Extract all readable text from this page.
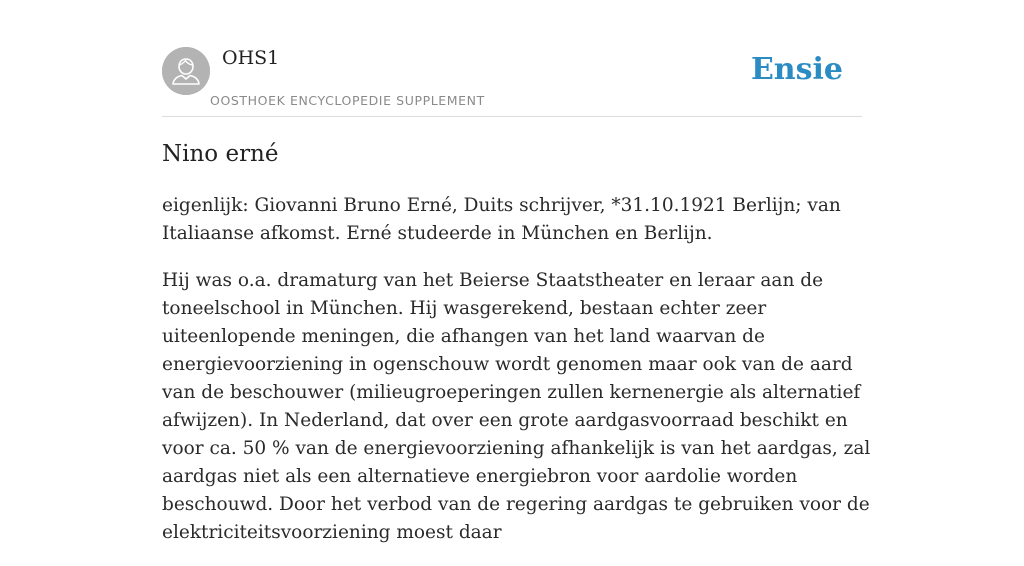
OHS1
OOSTHOEK ENCYCLOPEDIE SUPPLEMENT
Ensie
Nino erné

eigenlijk: Giovanni Bruno Erné, Duits schrijver, *31.10.1921 Berlijn; van Italiaanse afkomst. Erné studeerde in München en Berlijn.

Hij was o.a. dramaturg van het Beierse Staatstheater en leraar aan de toneelschool in München. Hij wasgerekend, bestaan echter zeer uiteenlopende meningen, die afhangen van het land waarvan de energievoorziening in ogenschouw wordt genomen maar ook van de aard van de beschouwer (milieugroeperingen zullen kernenergie als alternatief afwijzen). In Nederland, dat over een grote aardgasvoorraad beschikt en voor ca. 50 % van de energievoorziening afhankelijk is van het aardgas, zal aardgas niet als een alternatieve energiebron voor aardolie worden beschouwd. Door het verbod van de regering aardgas te gebruiken voor de elektriciteitsvoorziening moest daar
